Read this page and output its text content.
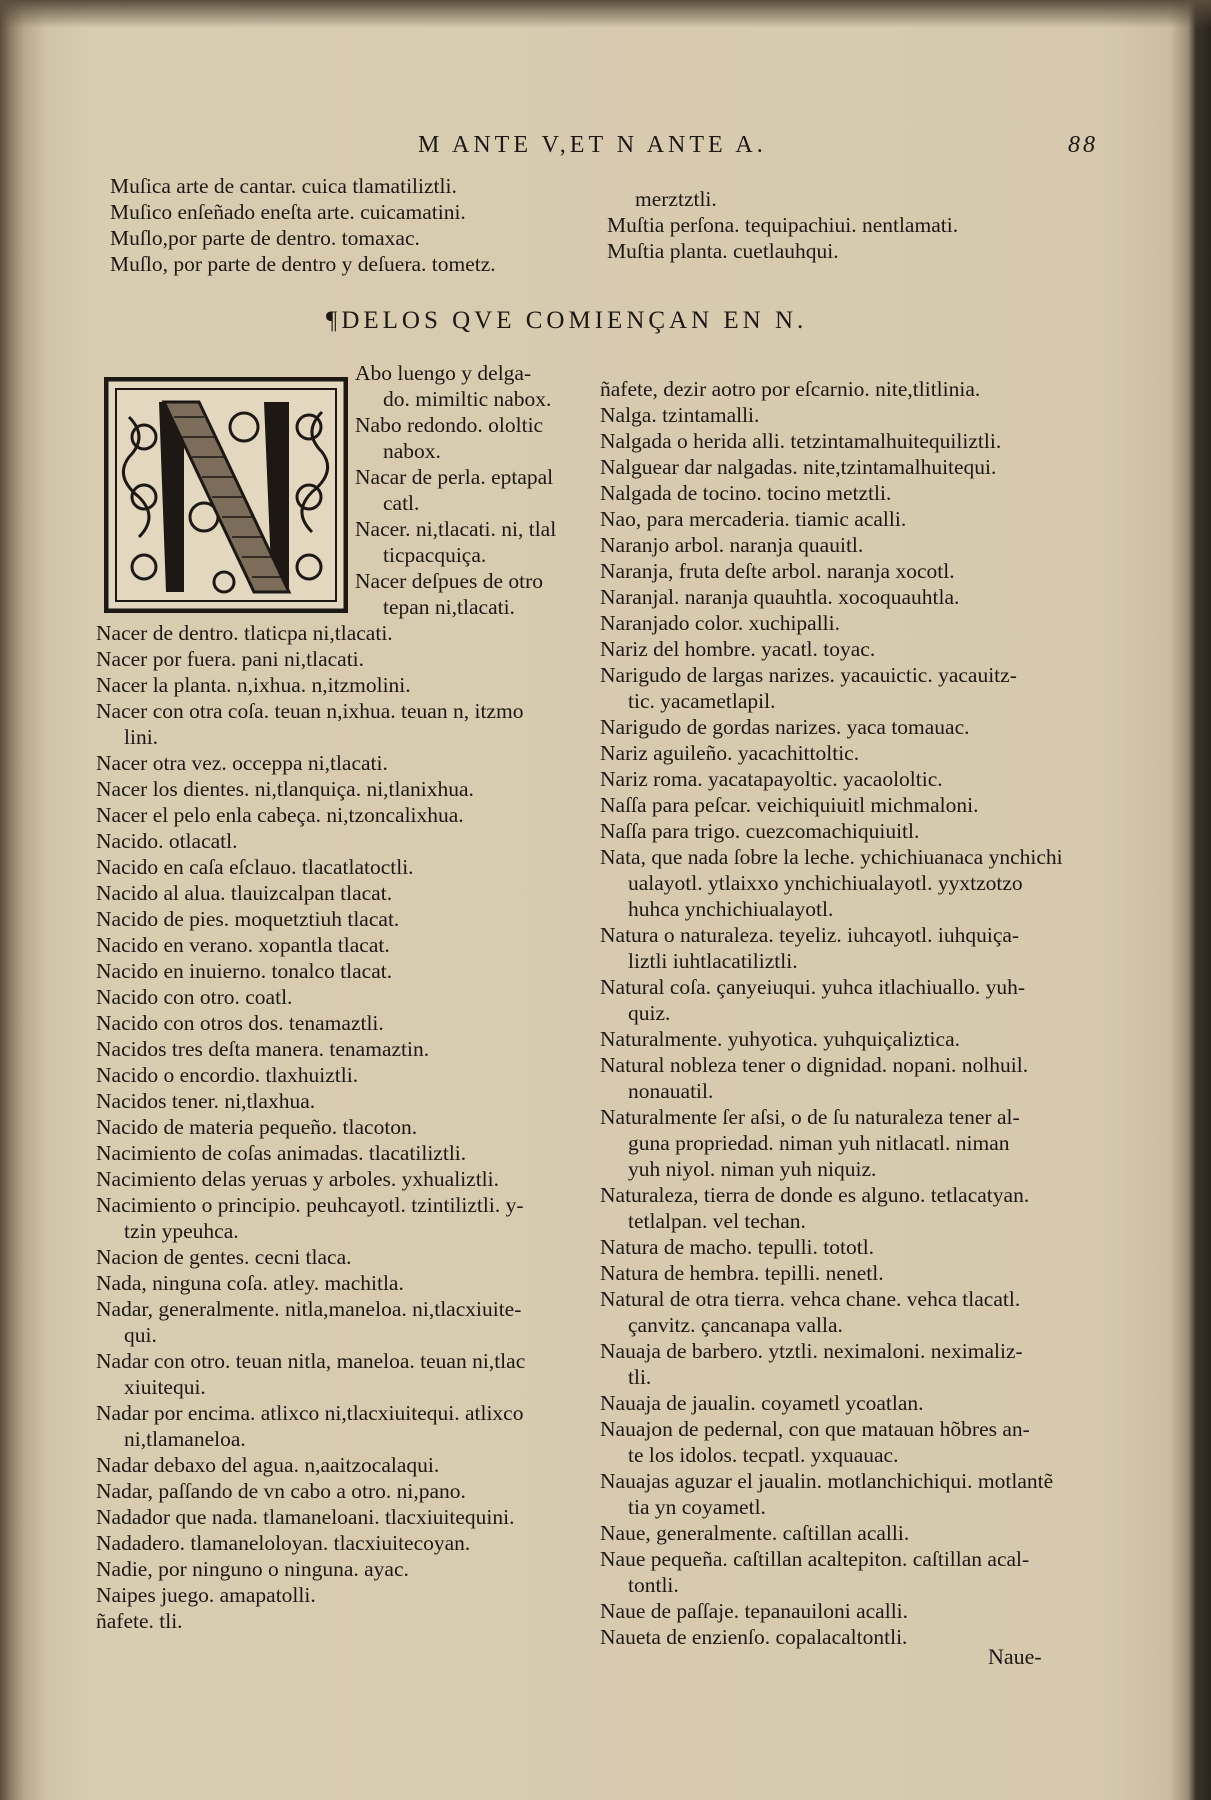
M ANTE V,ET N ANTE A.	88
Muſica arte de cantar. cuica tlamatiliztli.
Muſico enſeñado eneſta arte. cuicamatini.
Muſlo,por parte de dentro. tomaxac.
Muſlo, por parte de dentro y deſuera. tometz.
merztztli.
Muſtia perſona. tequipachiui. nentlamati.
Muſtia planta. cuetlauhqui.
¶DELOS QVE COMIENÇAN EN N.
Abo luengo y delga-
do. mimiltic nabox.
Nabo redondo. ololtic
nabox.
Nacar de perla. eptapal
catl.
Nacer. ni,tlacati. ni, tlal
ticpacquiça.
Nacer deſpues de otro
tepan ni,tlacati.
Nacer de dentro. tlaticpa ni,tlacati.
Nacer por fuera. pani ni,tlacati.
Nacer la planta. n,ixhua. n,itzmolini.
Nacer con otra coſa. teuan n,ixhua. teuan n, itzmo
lini.
Nacer otra vez. occeppa ni,tlacati.
Nacer los dientes. ni,tlanquiça. ni,tlanixhua.
Nacer el pelo enla cabeça. ni,tzoncalixhua.
Nacido. otlacatl.
Nacido en caſa eſclauo. tlacatlatoctli.
Nacido al alua. tlauizcalpan tlacat.
Nacido de pies. moquetztiuh tlacat.
Nacido en verano. xopantla tlacat.
Nacido en inuierno. tonalco tlacat.
Nacido con otro. coatl.
Nacido con otros dos. tenamaztli.
Nacidos tres deſta manera. tenamaztin.
Nacido o encordio. tlaxhuiztli.
Nacidos tener. ni,tlaxhua.
Nacido de materia pequeño. tlacoton.
Nacimiento de coſas animadas. tlacatiliztli.
Nacimiento delas yeruas y arboles. yxhualiztli.
Nacimiento o principio. peuhcayotl. tzintiliztli. y-
tzin ypeuhca.
Nacion de gentes. cecni tlaca.
Nada, ninguna coſa. atley. machitla.
Nadar, generalmente. nitla,maneloa. ni,tlacxiuite-
qui.
Nadar con otro. teuan nitla, maneloa. teuan ni,tlac
xiuitequi.
Nadar por encima. atlixco ni,tlacxiuitequi. atlixco
ni,tlamaneloa.
Nadar debaxo del agua. n,aaitzocalaqui.
Nadar, paſſando de vn cabo a otro. ni,pano.
Nadador que nada. tlamaneloani. tlacxiuitequini.
Nadadero. tlamaneloloyan. tlacxiuitecoyan.
Nadie, por ninguno o ninguna. ayac.
Naipes juego. amapatolli.
ñafete. tli.
ñafete, dezir aotro por eſcarnio. nite,tlitlinia.
Nalga. tzintamalli.
Nalgada o herida alli. tetzintamalhuitequiliztli.
Nalguear dar nalgadas. nite,tzintamalhuitequi.
Nalgada de tocino. tocino metztli.
Nao, para mercaderia. tiamic acalli.
Naranjo arbol. naranja quauitl.
Naranja, fruta deſte arbol. naranja xocotl.
Naranjal. naranja quauhtla. xocoquauhtla.
Naranjado color. xuchipalli.
Nariz del hombre. yacatl. toyac.
Narigudo de largas narizes. yacauictic. yacauitz-
tic. yacametlapil.
Narigudo de gordas narizes. yaca tomauac.
Nariz aguileño. yacachittoltic.
Nariz roma. yacatapayoltic. yacaololtic.
Naſſa para peſcar. veichiquiuitl michmaloni.
Naſſa para trigo. cuezcomachiquiuitl.
Nata, que nada ſobre la leche. ychichiuanaca ynchichi
ualayotl. ytlaixxo ynchichiualayotl. yyxtzotzo
huhca ynchichiualayotl.
Natura o naturaleza. teyeliz. iuhcayotl. iuhquiça-
liztli iuhtlacatiliztli.
Natural coſa. çanyeiuqui. yuhca itlachiuallo. yuh-
quiz.
Naturalmente. yuhyotica. yuhquiçaliztica.
Natural nobleza tener o dignidad. nopani. nolhuil.
nonauatil.
Naturalmente ſer aſsi, o de ſu naturaleza tener al-
guna propriedad. niman yuh nitlacatl. niman
yuh niyol. niman yuh niquiz.
Naturaleza, tierra de donde es alguno. tetlacatyan.
tetlalpan. vel techan.
Natura de macho. tepulli. tototl.
Natura de hembra. tepilli. nenetl.
Natural de otra tierra. vehca chane. vehca tlacatl.
çanvitz. çancanapa valla.
Nauaja de barbero. ytztli. neximaloni. neximaliz-
tli.
Nauaja de jaualin. coyametl ycoatlan.
Nauajon de pedernal, con que matauan hõbres an-
te los idolos. tecpatl. yxquauac.
Nauajas aguzar el jaualin. motlanchichiqui. motlantẽ
tia yn coyametl.
Naue, generalmente. caſtillan acalli.
Naue pequeña. caſtillan acaltepiton. caſtillan acal-
tontli.
Naue de paſſaje. tepanauiloni acalli.
Naueta de enzienſo. copalacaltontli.
Naue-
